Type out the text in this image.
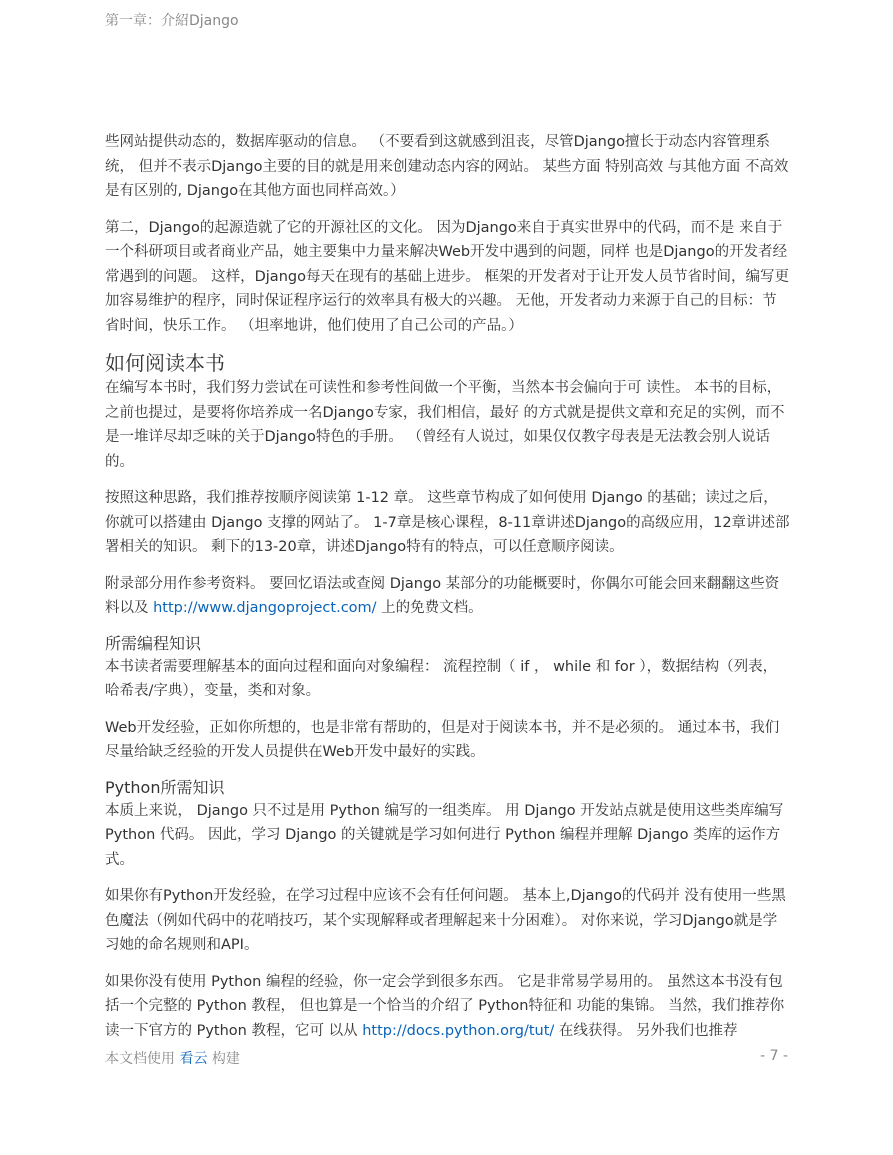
第一章：介紹Django

些网站提供动态的，数据库驱动的信息。 （不要看到这就感到沮丧，尽管Django擅长于动态内容管理系统， 但并不表示Django主要的目的就是用来创建动态内容的网站。 某些方面 特别高效 与其他方面 不高效 是有区别的, Django在其他方面也同样高效。）

第二，Django的起源造就了它的开源社区的文化。 因为Django来自于真实世界中的代码，而不是 来自于一个科研项目或者商业产品，她主要集中力量来解决Web开发中遇到的问题，同样 也是Django的开发者经常遇到的问题。 这样，Django每天在现有的基础上进步。 框架的开发者对于让开发人员节省时间，编写更加容易维护的程序，同时保证程序运行的效率具有极大的兴趣。 无他，开发者动力来源于自己的目标：节省时间，快乐工作。 （坦率地讲，他们使用了自己公司的产品。）

如何阅读本书

在编写本书时，我们努力尝试在可读性和参考性间做一个平衡，当然本书会偏向于可 读性。 本书的目标，之前也提过，是要将你培养成一名Django专家，我们相信，最好 的方式就是提供文章和充足的实例，而不是一堆详尽却乏味的关于Django特色的手册。 （曾经有人说过，如果仅仅教字母表是无法教会别人说话的。

按照这种思路，我们推荐按顺序阅读第 1-12 章。 这些章节构成了如何使用 Django 的基础；读过之后，你就可以搭建由 Django 支撑的网站了。 1-7章是核心课程，8-11章讲述Django的高级应用，12章讲述部署相关的知识。 剩下的13-20章，讲述Django特有的特点，可以任意顺序阅读。

附录部分用作参考资料。 要回忆语法或查阅 Django 某部分的功能概要时，你偶尔可能会回来翻翻这些资料以及 http://www.djangoproject.com/ 上的免费文档。

所需编程知识

本书读者需要理解基本的面向过程和面向对象编程： 流程控制（ if ， while 和 for ），数据结构（列表，哈希表/字典），变量，类和对象。

Web开发经验，正如你所想的，也是非常有帮助的，但是对于阅读本书，并不是必须的。 通过本书，我们尽量给缺乏经验的开发人员提供在Web开发中最好的实践。

Python所需知识

本质上来说， Django 只不过是用 Python 编写的一组类库。 用 Django 开发站点就是使用这些类库编写 Python 代码。 因此，学习 Django 的关键就是学习如何进行 Python 编程并理解 Django 类库的运作方式。

如果你有Python开发经验，在学习过程中应该不会有任何问题。 基本上,Django的代码并 没有使用一些黑色魔法（例如代码中的花哨技巧，某个实现解释或者理解起来十分困难）。 对你来说，学习Django就是学习她的命名规则和API。

如果你没有使用 Python 编程的经验，你一定会学到很多东西。 它是非常易学易用的。 虽然这本书没有包括一个完整的 Python 教程， 但也算是一个恰当的介绍了 Python特征和 功能的集锦。 当然，我们推荐你读一下官方的 Python 教程，它可 以从 http://docs.python.org/tut/ 在线获得。 另外我们也推荐

本文档使用 看云 构建	- 7 -
